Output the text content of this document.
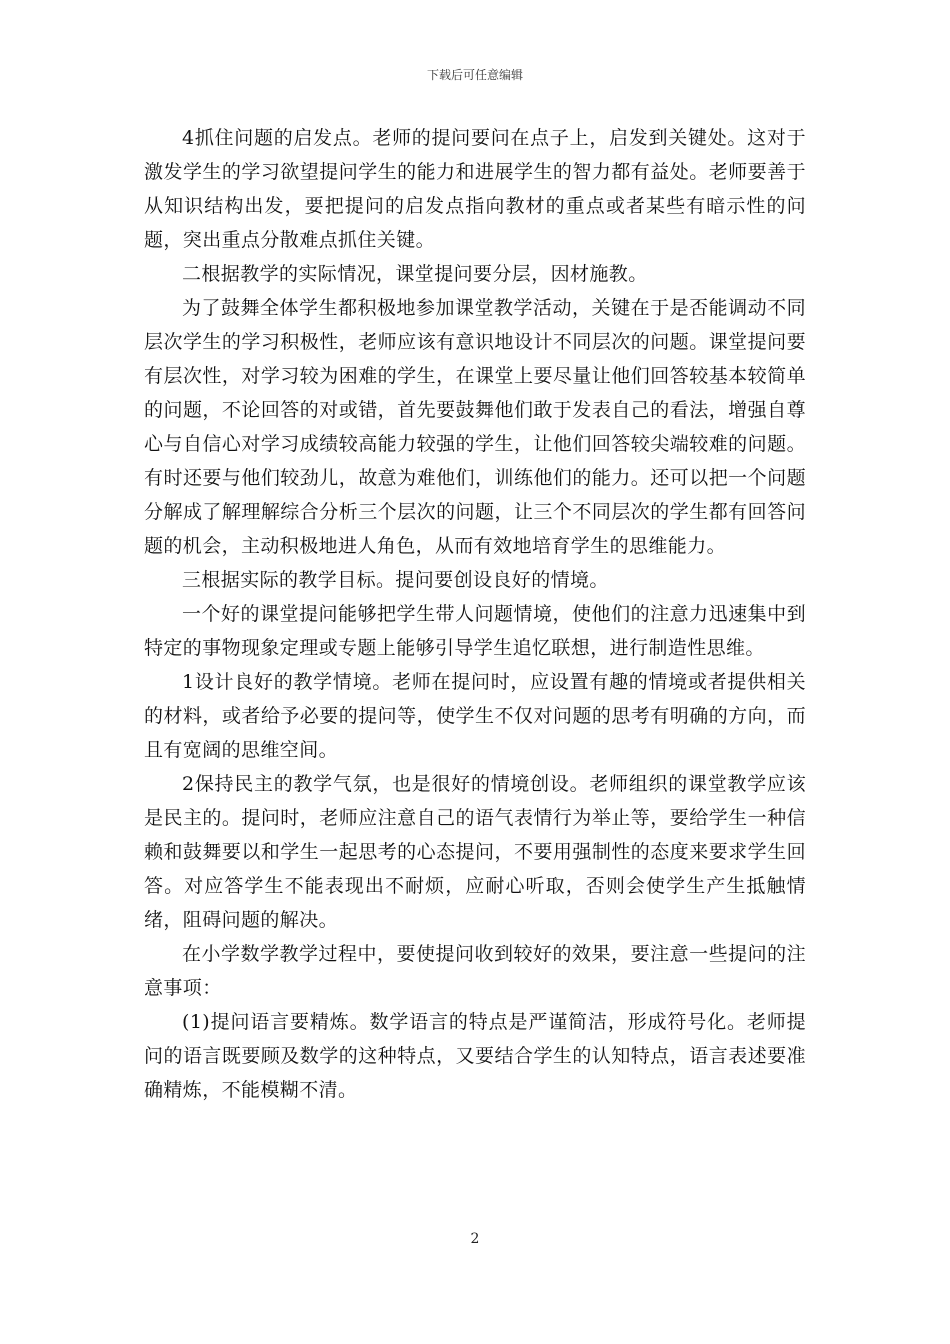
下载后可任意编辑

4抓住问题的启发点。老师的提问要问在点子上，启发到关键处。这对于激发学生的学习欲望提问学生的能力和进展学生的智力都有益处。老师要善于从知识结构出发，要把提问的启发点指向教材的重点或者某些有暗示性的问题，突出重点分散难点抓住关键。

二根据教学的实际情况，课堂提问要分层，因材施教。

为了鼓舞全体学生都积极地参加课堂教学活动，关键在于是否能调动不同层次学生的学习积极性，老师应该有意识地设计不同层次的问题。课堂提问要有层次性，对学习较为困难的学生，在课堂上要尽量让他们回答较基本较简单的问题，不论回答的对或错，首先要鼓舞他们敢于发表自己的看法，增强自尊心与自信心对学习成绩较高能力较强的学生，让他们回答较尖端较难的问题。有时还要与他们较劲儿，故意为难他们，训练他们的能力。还可以把一个问题分解成了解理解综合分析三个层次的问题，让三个不同层次的学生都有回答问题的机会，主动积极地进人角色，从而有效地培育学生的思维能力。

三根据实际的教学目标。提问要创设良好的情境。

一个好的课堂提问能够把学生带人问题情境，使他们的注意力迅速集中到特定的事物现象定理或专题上能够引导学生追忆联想，进行制造性思维。

1设计良好的教学情境。老师在提问时，应设置有趣的情境或者提供相关的材料，或者给予必要的提问等，使学生不仅对问题的思考有明确的方向，而且有宽阔的思维空间。

2保持民主的教学气氛，也是很好的情境创设。老师组织的课堂教学应该是民主的。提问时，老师应注意自己的语气表情行为举止等，要给学生一种信赖和鼓舞要以和学生一起思考的心态提问，不要用强制性的态度来要求学生回答。对应答学生不能表现出不耐烦，应耐心听取，否则会使学生产生抵触情绪，阻碍问题的解决。

在小学数学教学过程中，要使提问收到较好的效果，要注意一些提问的注意事项：

(1)提问语言要精炼。数学语言的特点是严谨简洁，形成符号化。老师提问的语言既要顾及数学的这种特点，又要结合学生的认知特点，语言表述要准确精炼，不能模糊不清。

2
